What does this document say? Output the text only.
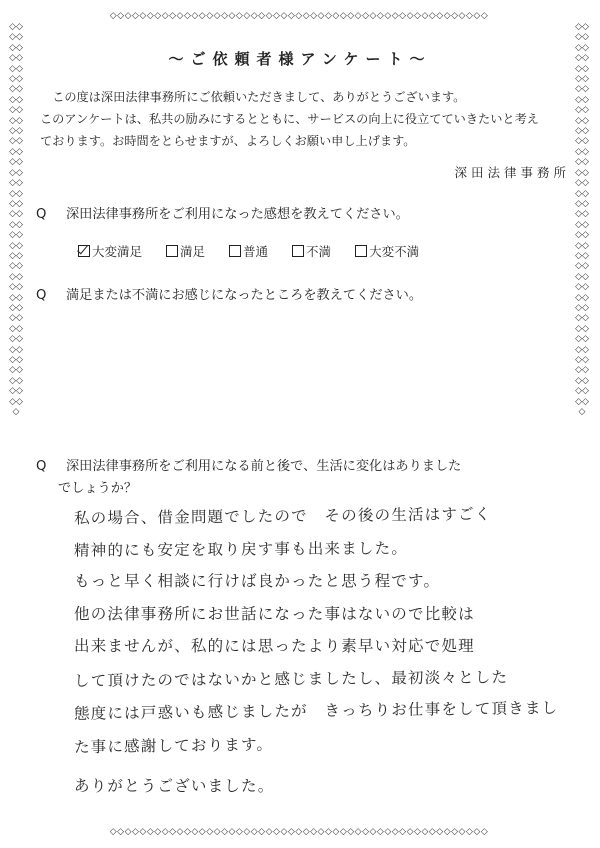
◇◇◇◇◇◇◇◇◇◇◇◇◇◇◇◇◇◇◇◇◇◇◇◇◇◇◇◇◇◇◇◇◇◇◇◇◇◇◇◇◇◇◇◇◇◇◇◇◇◇◇
◇◇◇◇◇◇◇◇◇◇◇◇◇◇◇◇◇◇◇◇◇◇◇◇◇◇◇◇◇◇◇◇◇◇◇◇◇◇◇◇◇◇◇◇◇◇◇◇◇◇◇
◇◇◇◇◇◇◇◇◇◇◇◇◇◇◇◇◇◇◇◇◇◇◇◇◇◇◇◇◇◇◇◇◇◇◇◇◇◇◇◇◇◇◇◇◇◇◇◇◇◇◇◇◇◇◇◇◇◇◇◇◇◇◇◇◇◇◇◇◇◇◇◇◇◇◇
◇◇◇◇◇◇◇◇◇◇◇◇◇◇◇◇◇◇◇◇◇◇◇◇◇◇◇◇◇◇◇◇◇◇◇◇◇◇◇◇◇◇◇◇◇◇◇◇◇◇◇◇◇◇◇◇◇◇◇◇◇◇◇◇◇◇◇◇◇◇◇◇◇◇◇
〜ご依頼者様アンケート〜

この度は深田法律事務所にご依頼いただきまして、ありがとうございます。

このアンケートは、私共の励みにするとともに、サービスの向上に役立てていきたいと考えております。お時間をとらせますが、よろしくお願い申し上げます。

深田法律事務所
Q 深田法律事務所をご利用になった感想を教えてください。
大変満足	満足	普通	不満	大変不満
Q 満足または不満にお感じになったところを教えてください。
Q 深田法律事務所をご利用になる前と後で、生活に変化はありました
でしょうか？
私の場合、借金問題でしたので　その後の生活はすごく
精神的にも安定を取り戻す事も出来ました。
もっと早く相談に行けば良かったと思う程です。
他の法律事務所にお世話になった事はないので比較は
出来ませんが、私的には思ったより素早い対応で処理
して頂けたのではないかと感じましたし、最初淡々とした
態度には戸惑いも感じましたが　きっちりお仕事をして頂きまし
た事に感謝しております。
ありがとうございました。
